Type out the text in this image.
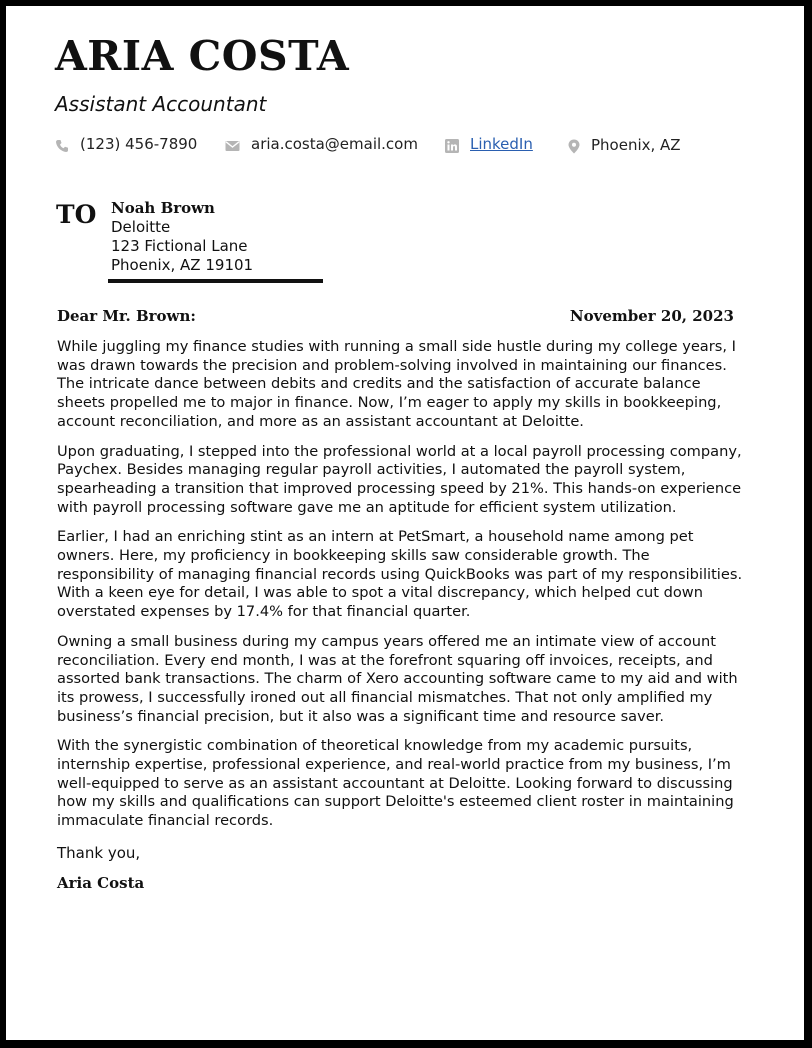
ARIA COSTA
Assistant Accountant
(123) 456-7890	aria.costa@email.com	LinkedIn	Phoenix, AZ
TO Noah Brown
Deloitte
123 Fictional Lane
Phoenix, AZ 19101
Dear Mr. Brown:	November 20, 2023

While juggling my finance studies with running a small side hustle during my college years, I was drawn towards the precision and problem-solving involved in maintaining our finances. The intricate dance between debits and credits and the satisfaction of accurate balance sheets propelled me to major in finance. Now, I’m eager to apply my skills in bookkeeping, account reconciliation, and more as an assistant accountant at Deloitte.

Upon graduating, I stepped into the professional world at a local payroll processing company, Paychex. Besides managing regular payroll activities, I automated the payroll system, spearheading a transition that improved processing speed by 21%. This hands-on experience with payroll processing software gave me an aptitude for efficient system utilization.

Earlier, I had an enriching stint as an intern at PetSmart, a household name among pet owners. Here, my proficiency in bookkeeping skills saw considerable growth. The responsibility of managing financial records using QuickBooks was part of my responsibilities. With a keen eye for detail, I was able to spot a vital discrepancy, which helped cut down overstated expenses by 17.4% for that financial quarter.

Owning a small business during my campus years offered me an intimate view of account reconciliation. Every end month, I was at the forefront squaring off invoices, receipts, and assorted bank transactions. The charm of Xero accounting software came to my aid and with its prowess, I successfully ironed out all financial mismatches. That not only amplified my business’s financial precision, but it also was a significant time and resource saver.

With the synergistic combination of theoretical knowledge from my academic pursuits, internship expertise, professional experience, and real-world practice from my business, I’m well-equipped to serve as an assistant accountant at Deloitte. Looking forward to discussing how my skills and qualifications can support Deloitte's esteemed client roster in maintaining immaculate financial records.

Thank you,
Aria Costa
